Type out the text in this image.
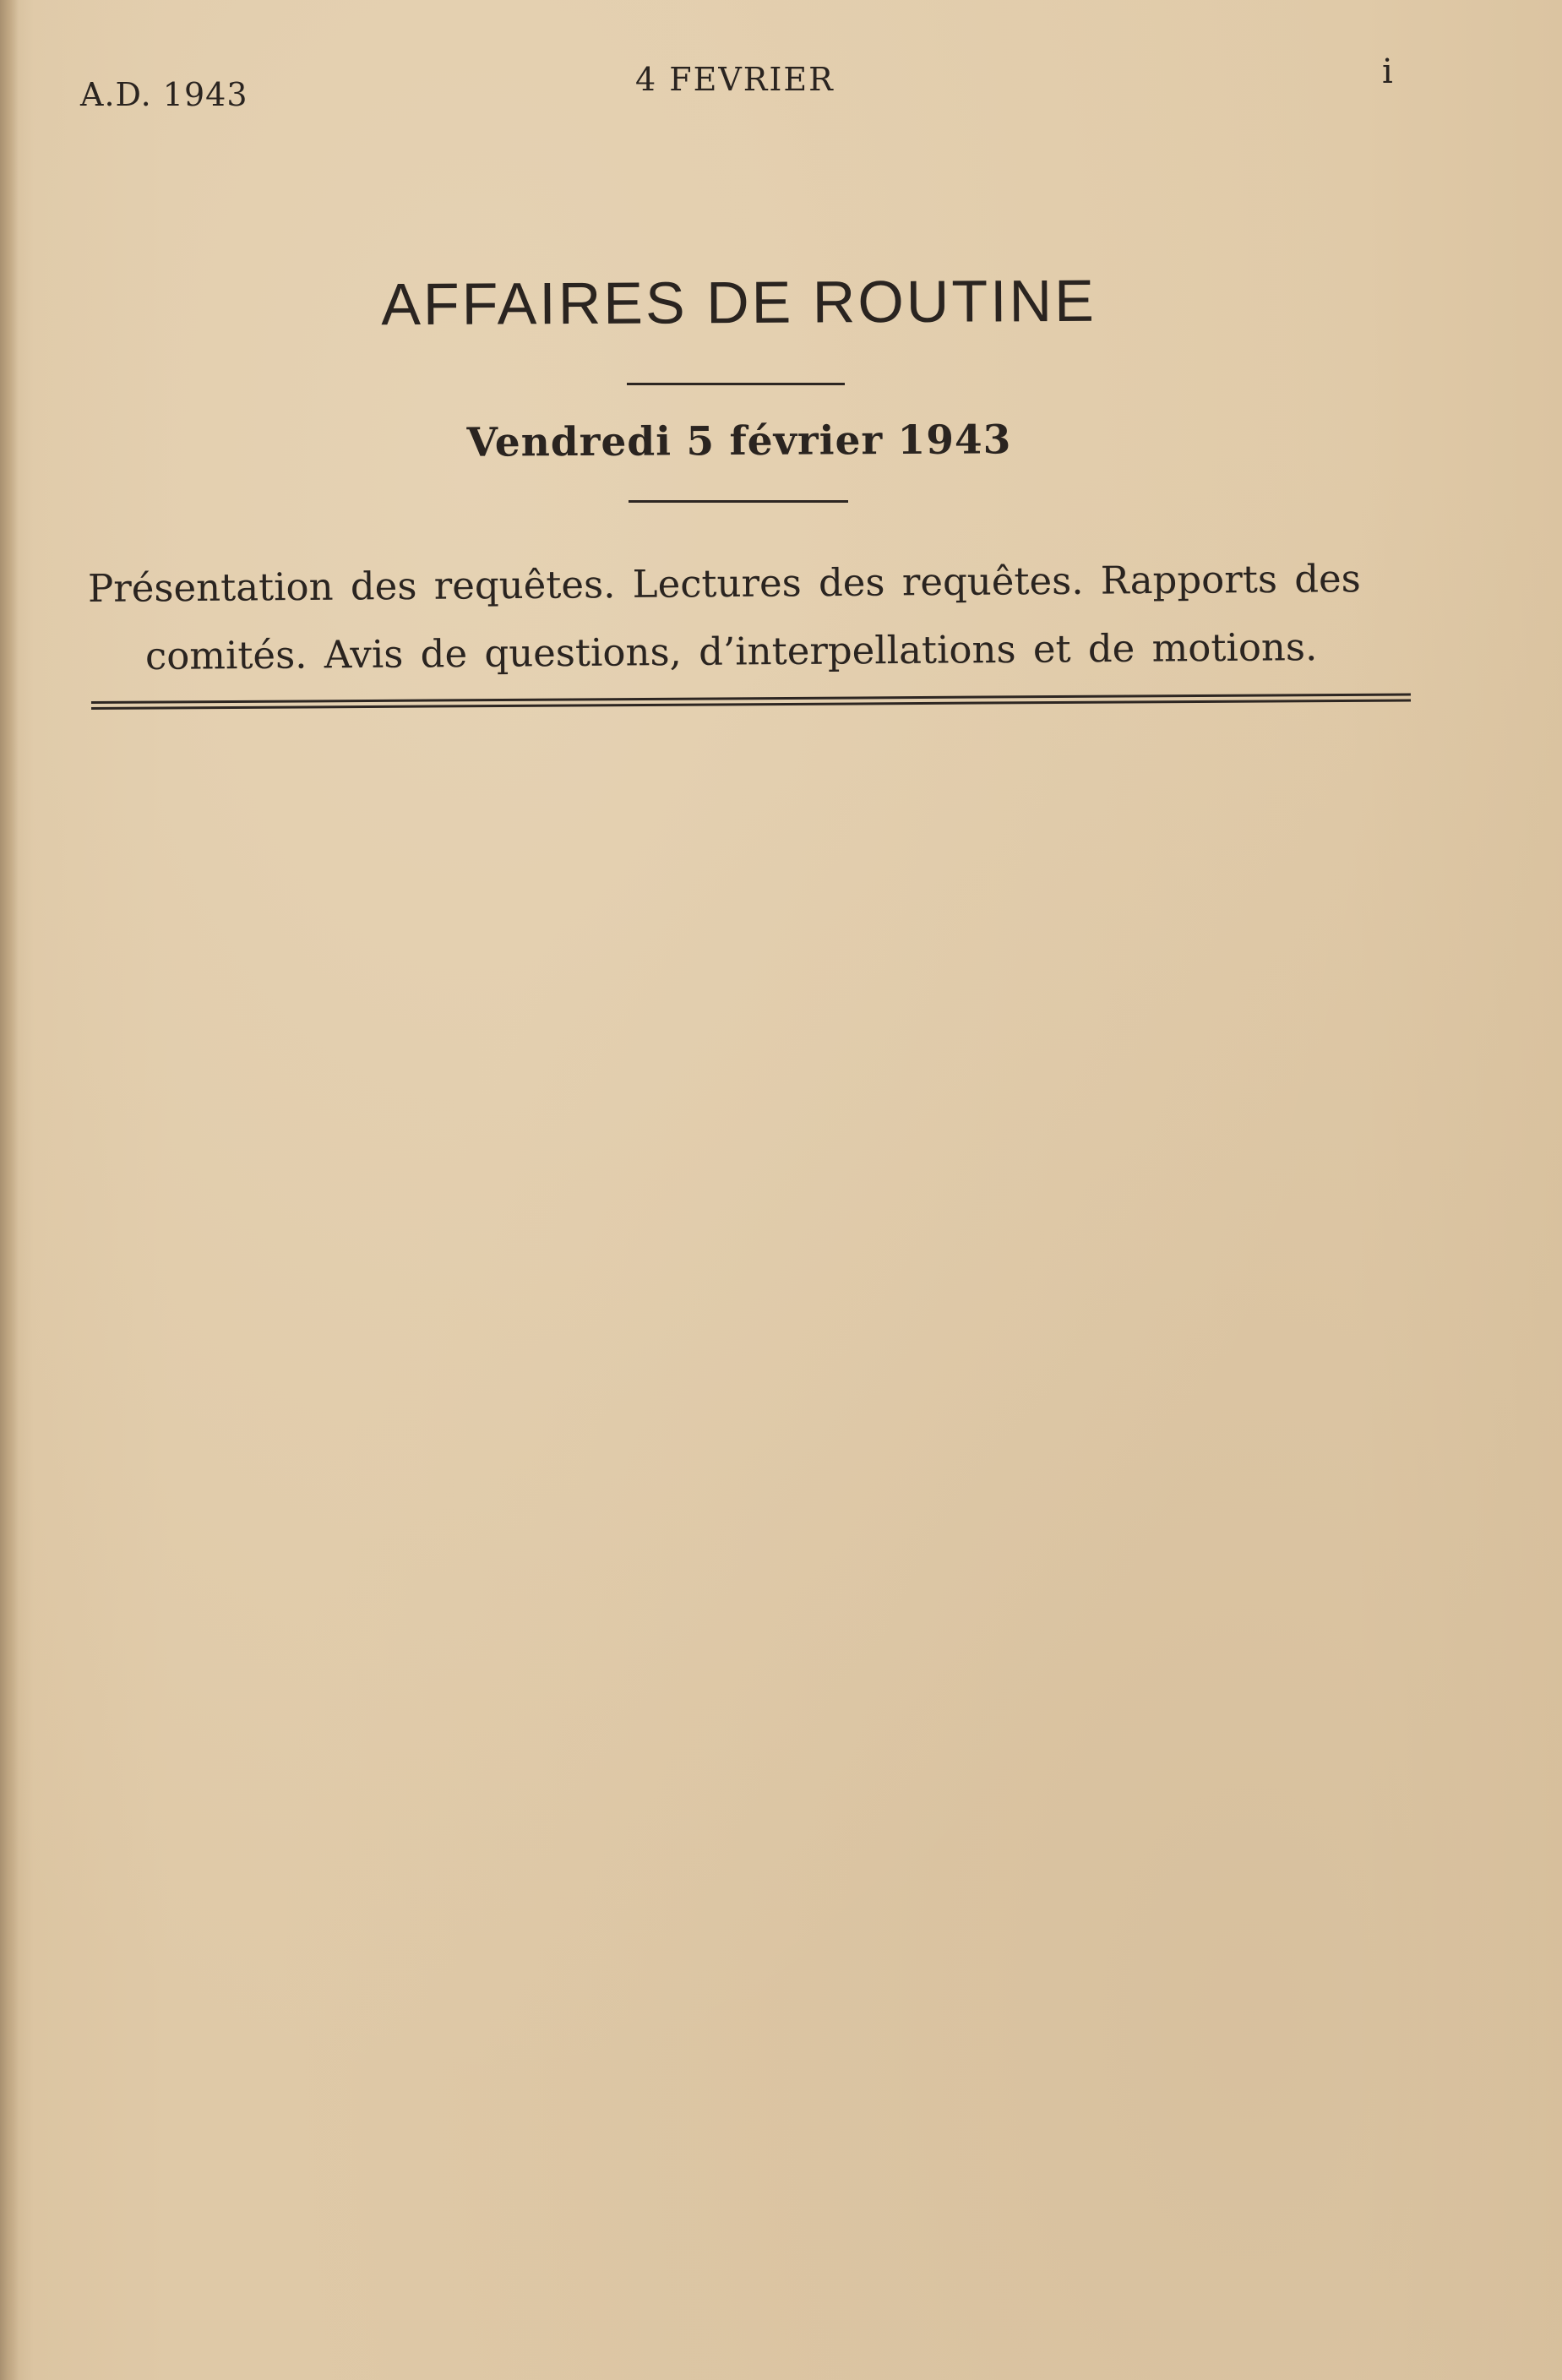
A.D. 1943	4 FEVRIER	i
AFFAIRES DE ROUTINE
Vendredi 5 février 1943
Présentation des requêtes. Lectures des requêtes. Rapports des
comités. Avis de questions, d’interpellations et de motions.
